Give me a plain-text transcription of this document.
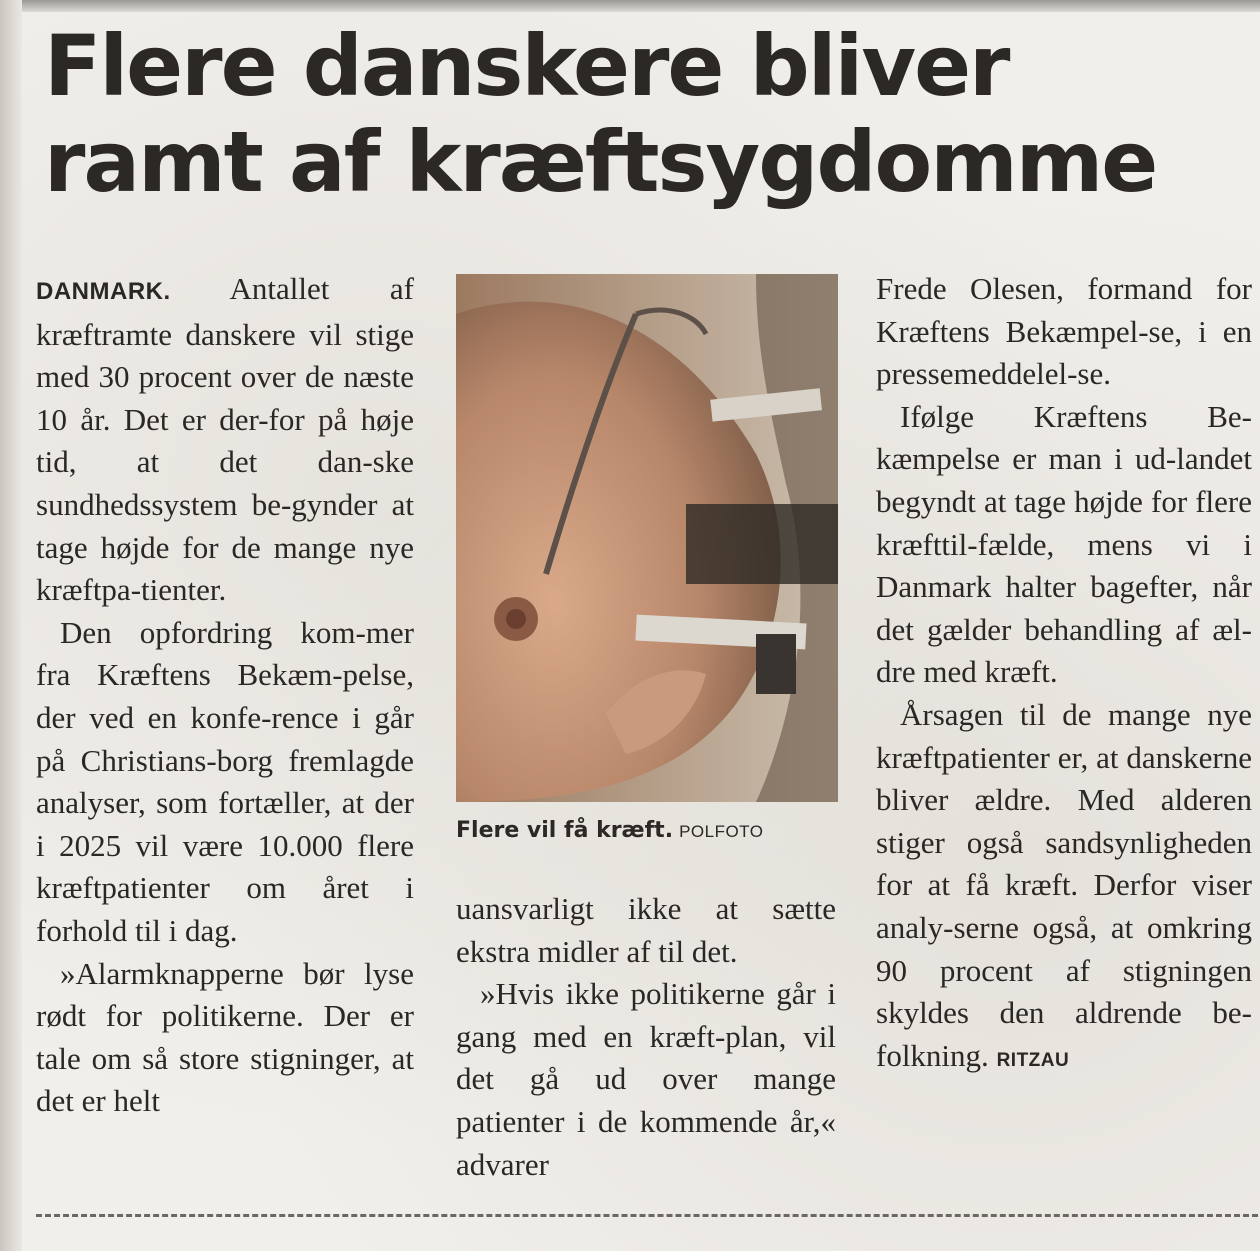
Flere danskere bliver
ramt af kræftsygdomme

DANMARK. Antallet af kræftramte danskere vil stige med 30 procent over de næste 10 år. Det er der-for på høje tid, at det dan-ske sundhedssystem be-gynder at tage højde for de mange nye kræftpa-tienter.

Den opfordring kom-mer fra Kræftens Bekæm-pelse, der ved en konfe-rence i går på Christians-borg fremlagde analyser, som fortæller, at der i 2025 vil være 10.000 flere kræftpatienter om året i forhold til i dag.

»Alarmknapperne bør lyse rødt for politikerne. Der er tale om så store stigninger, at det er helt

Flere vil få kræft. POLFOTO

uansvarligt ikke at sætte ekstra midler af til det.

»Hvis ikke politikerne går i gang med en kræft-plan, vil det gå ud over mange patienter i de kommende år,« advarer

Frede Olesen, formand for Kræftens Bekæmpel-se, i en pressemeddelel-se.

Ifølge Kræftens Be-kæmpelse er man i ud-landet begyndt at tage højde for flere kræfttil-fælde, mens vi i Danmark halter bagefter, når det gælder behandling af æl-dre med kræft.

Årsagen til de mange nye kræftpatienter er, at danskerne bliver ældre. Med alderen stiger også sandsynligheden for at få kræft. Derfor viser analy-serne også, at omkring 90 procent af stigningen skyldes den aldrende be-folkning. RITZAU
